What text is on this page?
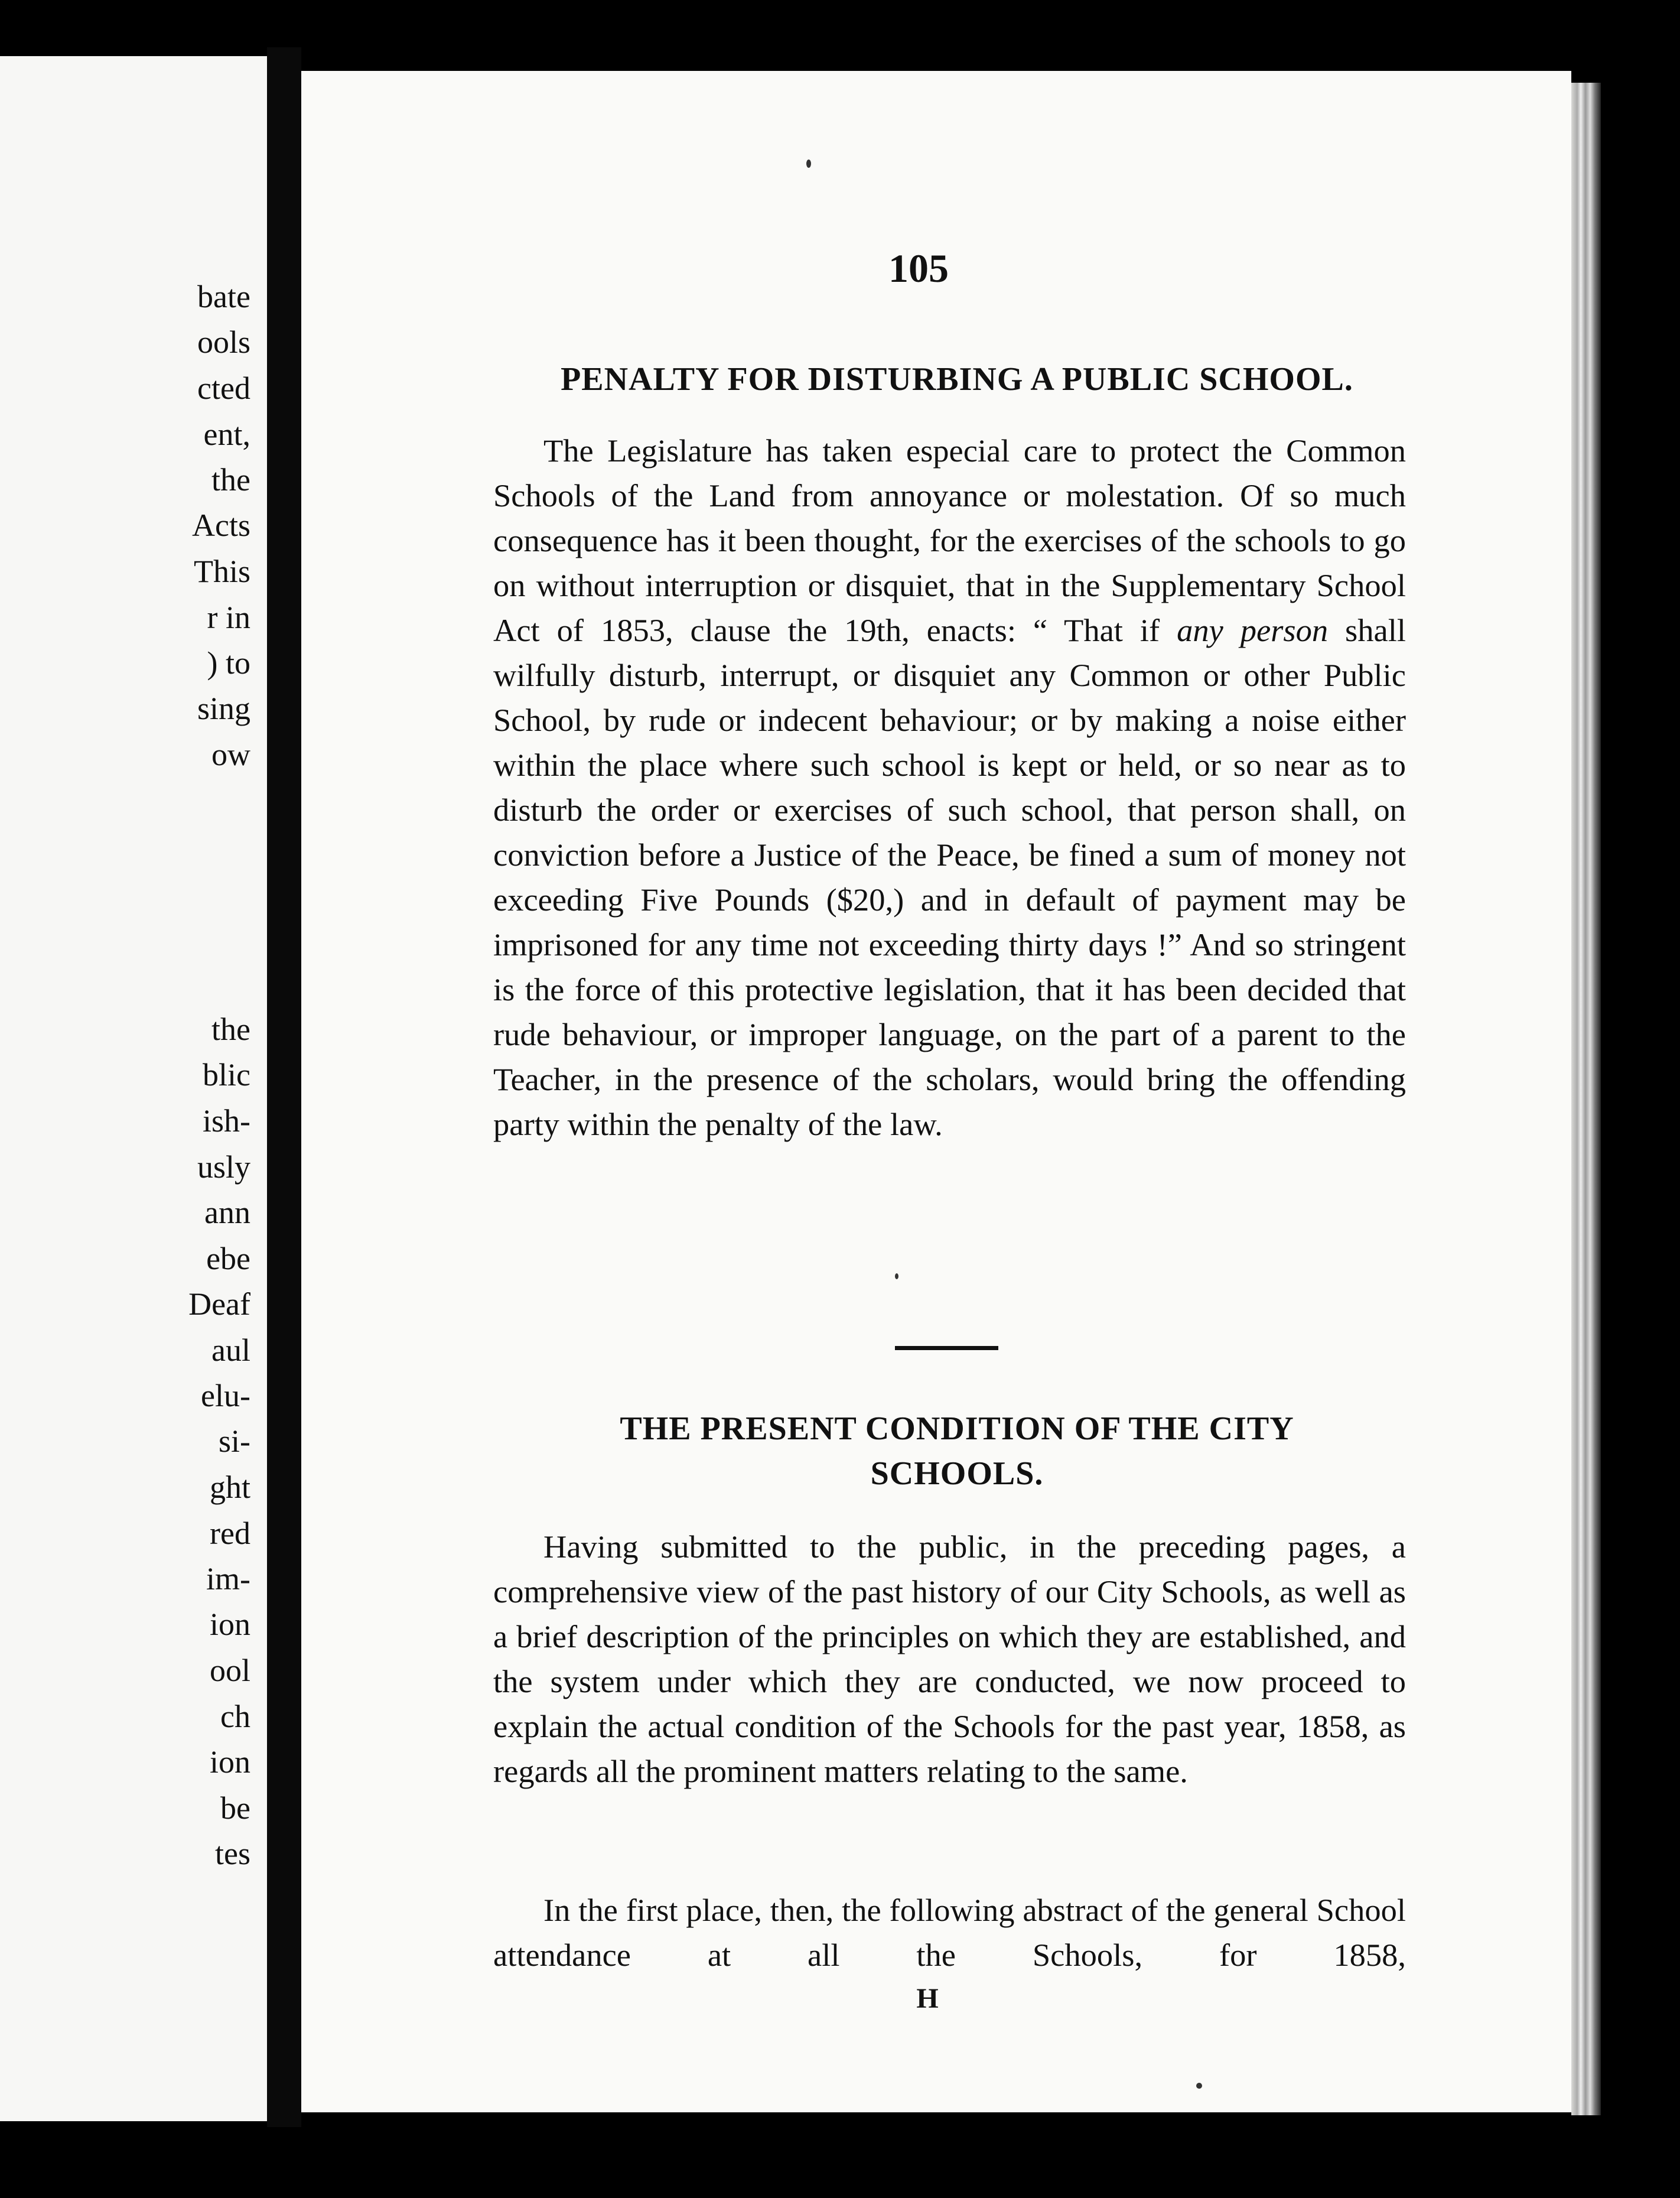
bate
ools
cted
ent,
the
Acts
This
r in
) to
sing
ow
the
blic
ish-
usly
ann
ebe
Deaf
aul
elu-
si-
ght
red
im-
ion
ool
ch
ion
be
tes
105
PENALTY FOR DISTURBING A PUBLIC SCHOOL.
The Legislature has taken especial care to protect the Common Schools of the Land from annoyance or molestation. Of so much consequence has it been thought, for the exercises of the schools to go on without interruption or disquiet, that in the Supplementary School Act of 1853, clause the 19th, enacts: “ That if any person shall wilfully disturb, interrupt, or disquiet any Common or other Public School, by rude or indecent behaviour; or by making a noise either within the place where such school is kept or held, or so near as to disturb the order or exercises of such school, that person shall, on conviction before a Justice of the Peace, be fined a sum of money not exceeding Five Pounds ($20,) and in default of payment may be imprisoned for any time not exceeding thirty days !” And so stringent is the force of this protective legislation, that it has been decided that rude behaviour, or improper language, on the part of a parent to the Teacher, in the presence of the scholars, would bring the offending party within the penalty of the law.
THE PRESENT CONDITION OF THE CITY
SCHOOLS.
Having submitted to the public, in the preceding pages, a comprehensive view of the past history of our City Schools, as well as a brief description of the principles on which they are established, and the system under which they are conducted, we now proceed to explain the actual condition of the Schools for the past year, 1858, as regards all the prominent matters relating to the same.
In the first place, then, the following abstract of the general School attendance at all the Schools, for 1858,
H
